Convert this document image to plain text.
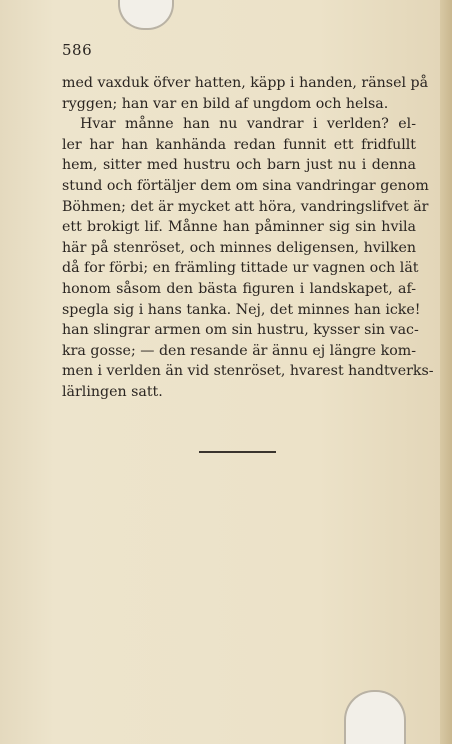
586
med vaxduk öfver hatten, käpp i handen, ränsel på
ryggen; han var en bild af ungdom och helsa.
Hvar månne han nu vandrar i verlden? el-
ler har han kanhända redan funnit ett fridfullt
hem, sitter med hustru och barn just nu i denna
stund och förtäljer dem om sina vandringar genom
Böhmen; det är mycket att höra, vandringslifvet är
ett brokigt lif. Månne han påminner sig sin hvila
här på stenröset, och minnes deligensen, hvilken
då for förbi; en främling tittade ur vagnen och lät
honom såsom den bästa figuren i landskapet, af-
spegla sig i hans tanka. Nej, det minnes han icke!
han slingrar armen om sin hustru, kysser sin vac-
kra gosse; — den resande är ännu ej längre kom-
men i verlden än vid stenröset, hvarest handtverks-
lärlingen satt.
